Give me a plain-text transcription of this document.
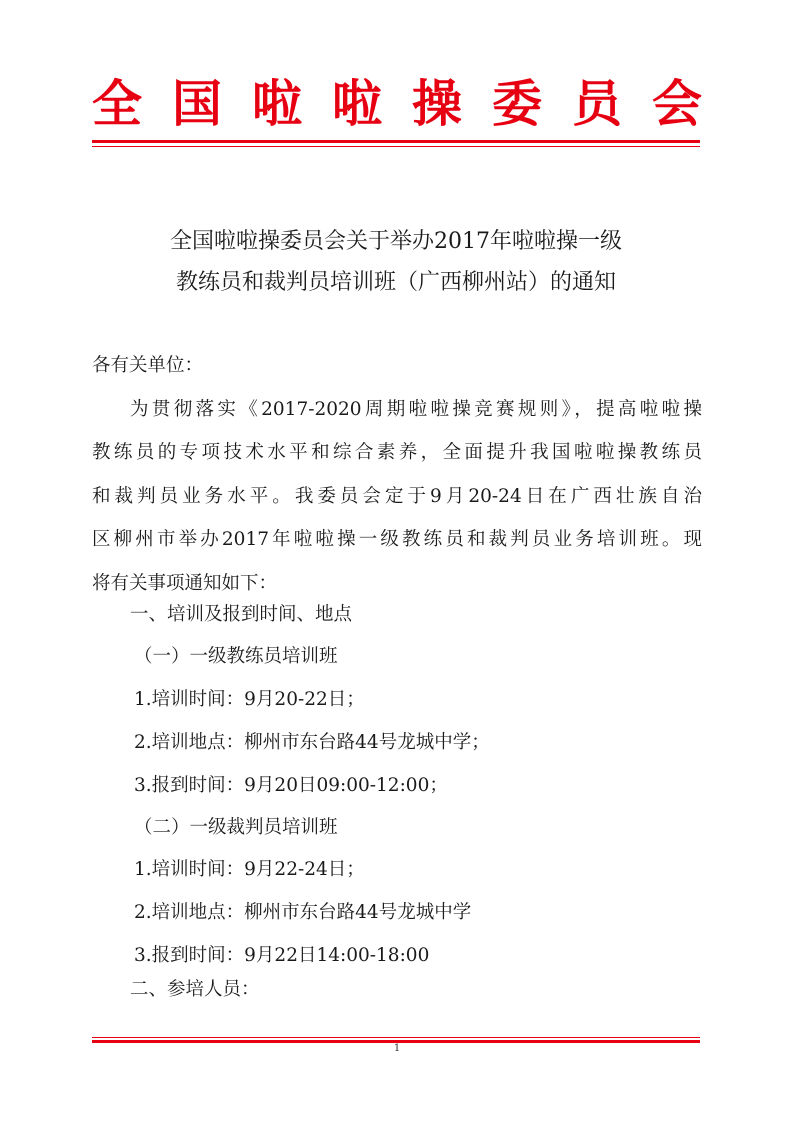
全 国 啦 啦 操 委 员 会
全国啦啦操委员会关于举办2017年啦啦操一级
教练员和裁判员培训班（广西柳州站）的通知
各有关单位：
为贯彻落实《2017-2020周期啦啦操竞赛规则》，提高啦啦操
教练员的专项技术水平和综合素养，全面提升我国啦啦操教练员
和裁判员业务水平。我委员会定于9月20-24日在广西壮族自治
区柳州市举办2017年啦啦操一级教练员和裁判员业务培训班。现
将有关事项通知如下：
一、培训及报到时间、地点
（一）一级教练员培训班
1.培训时间：9月20-22日；
2.培训地点：柳州市东台路44号龙城中学；
3.报到时间：9月20日09:00-12:00；
（二）一级裁判员培训班
1.培训时间：9月22-24日；
2.培训地点：柳州市东台路44号龙城中学
3.报到时间：9月22日14:00-18:00
二、参培人员：
1
